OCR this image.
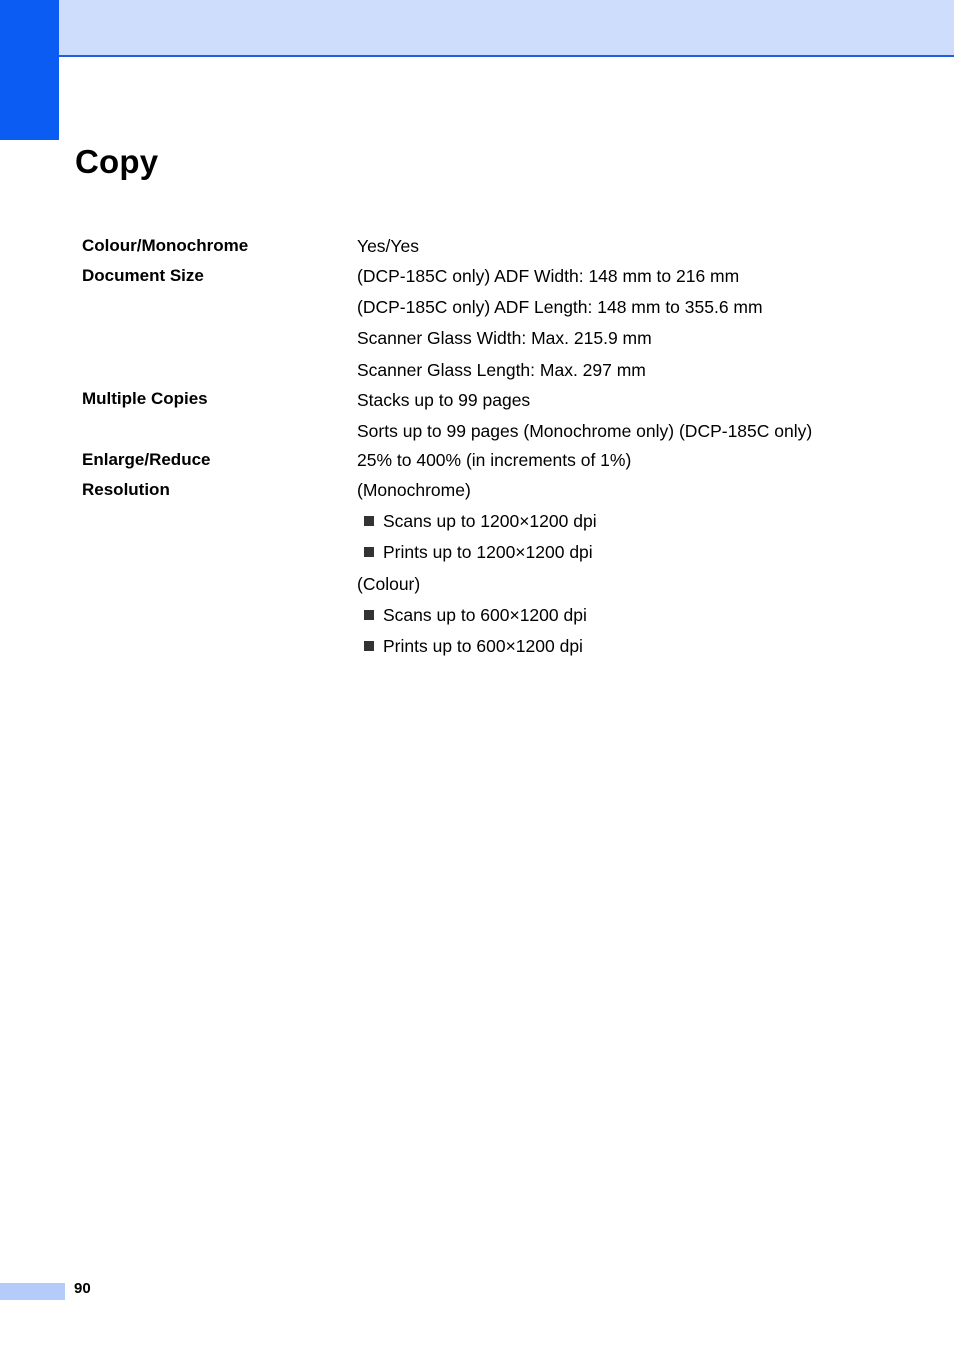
Copy
Colour/Monochrome	Yes/Yes
Document Size	(DCP-185C only) ADF Width: 148 mm to 216 mm
(DCP-185C only) ADF Length: 148 mm to 355.6 mm
Scanner Glass Width: Max. 215.9 mm
Scanner Glass Length: Max. 297 mm
Multiple Copies	Stacks up to 99 pages
Sorts up to 99 pages (Monochrome only) (DCP-185C only)
Enlarge/Reduce	25% to 400% (in increments of 1%)
Resolution	(Monochrome)
Scans up to 1200×1200 dpi
Prints up to 1200×1200 dpi
(Colour)
Scans up to 600×1200 dpi
Prints up to 600×1200 dpi
90
